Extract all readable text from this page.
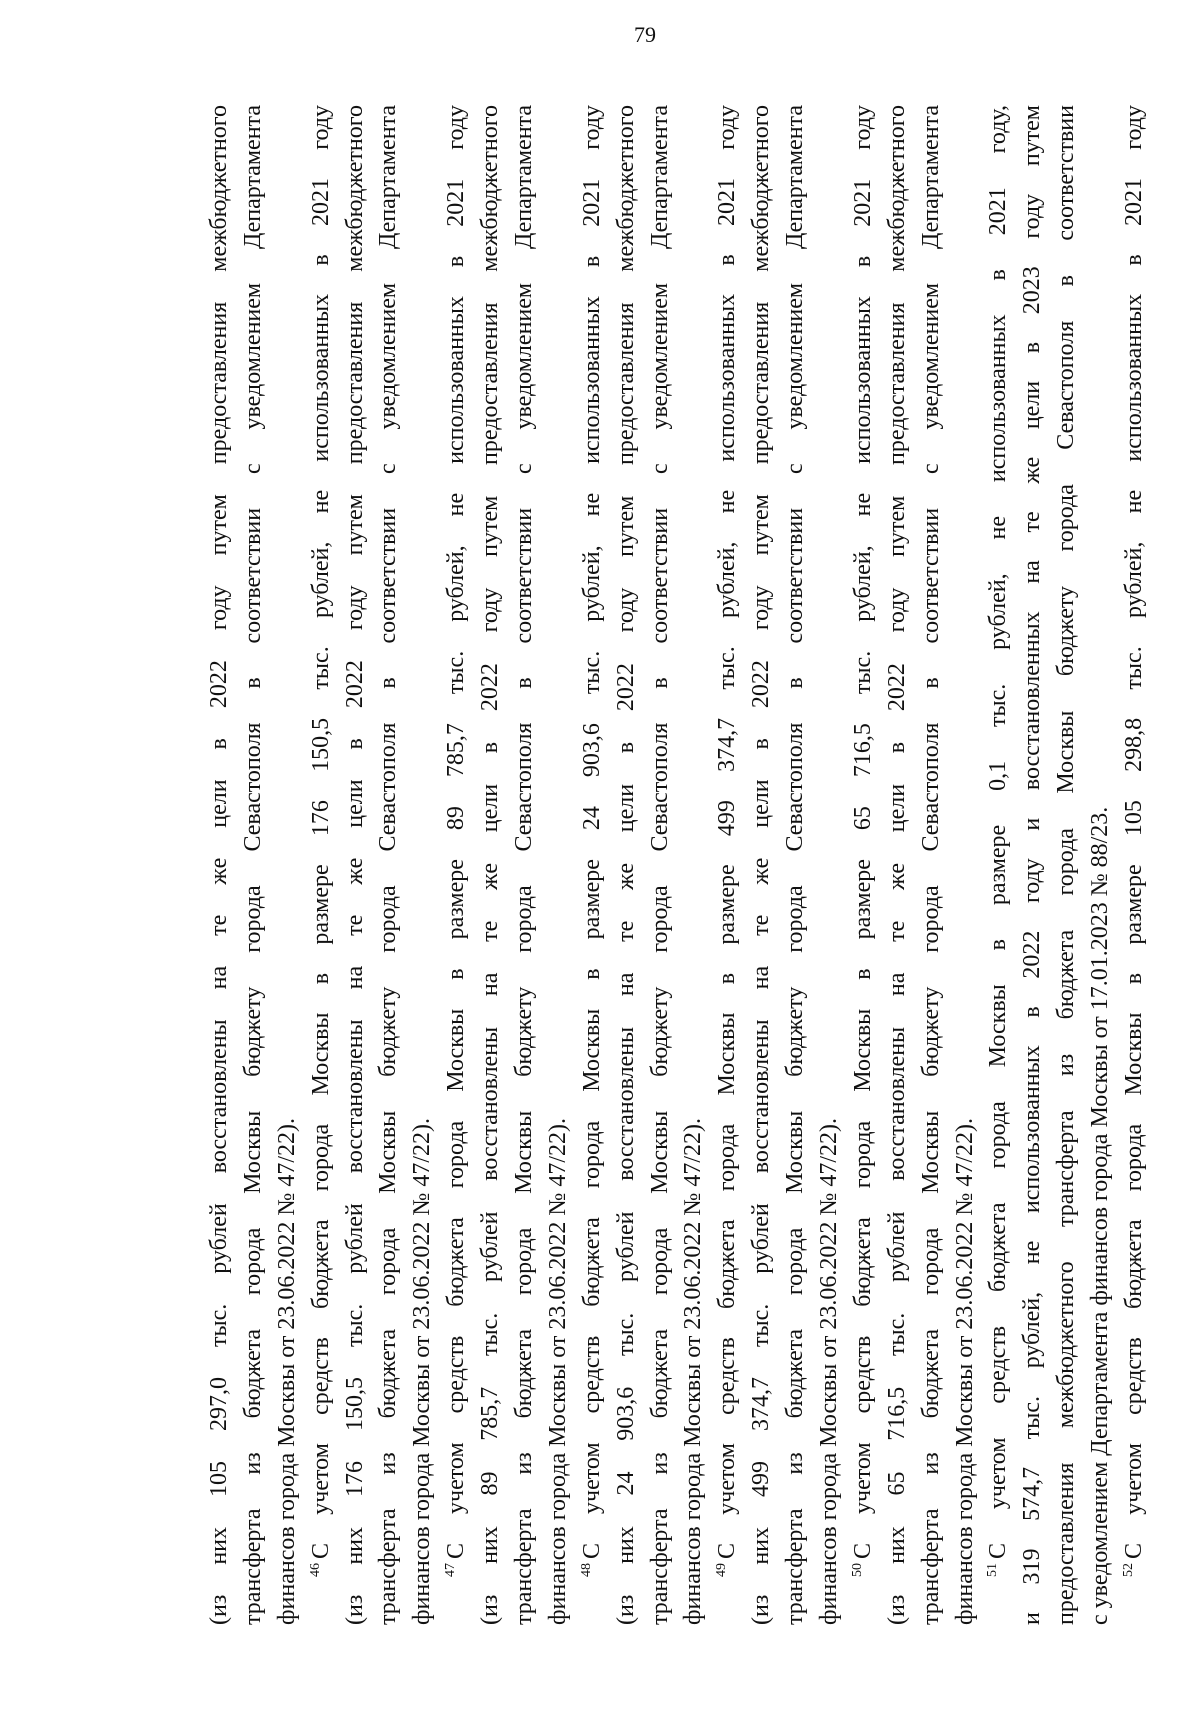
79
(из них 105 297,0 тыс. рублей восстановлены на те же цели в 2022 году путем предоставления межбюджетного трансферта из бюджета города Москвы бюджету города Севастополя в соответствии с уведомлением Департамента финансов города Москвы от 23.06.2022 № 47/22). $^{46}$С учетом средств бюджета города Москвы в размере 176 150,5 тыс. рублей, не использованных в 2021 году (из них 176 150,5 тыс. рублей восстановлены на те же цели в 2022 году путем предоставления межбюджетного трансферта из бюджета города Москвы бюджету города Севастополя в соответствии с уведомлением Департамента финансов города Москвы от 23.06.2022 № 47/22). $^{47}$С учетом средств бюджета города Москвы в размере 89 785,7 тыс. рублей, не использованных в 2021 году (из них 89 785,7 тыс. рублей восстановлены на те же цели в 2022 году путем предоставления межбюджетного трансферта из бюджета города Москвы бюджету города Севастополя в соответствии с уведомлением Департамента финансов города Москвы от 23.06.2022 № 47/22). $^{48}$С учетом средств бюджета города Москвы в размере 24 903,6 тыс. рублей, не использованных в 2021 году (из них 24 903,6 тыс. рублей восстановлены на те же цели в 2022 году путем предоставления межбюджетного трансферта из бюджета города Москвы бюджету города Севастополя в соответствии с уведомлением Департамента финансов города Москвы от 23.06.2022 № 47/22). $^{49}$С учетом средств бюджета города Москвы в размере 499 374,7 тыс. рублей, не использованных в 2021 году (из них 499 374,7 тыс. рублей восстановлены на те же цели в 2022 году путем предоставления межбюджетного трансферта из бюджета города Москвы бюджету города Севастополя в соответствии с уведомлением Департамента финансов города Москвы от 23.06.2022 № 47/22). $^{50}$С учетом средств бюджета города Москвы в размере 65 716,5 тыс. рублей, не использованных в 2021 году (из них 65 716,5 тыс. рублей восстановлены на те же цели в 2022 году путем предоставления межбюджетного трансферта из бюджета города Москвы бюджету города Севастополя в соответствии с уведомлением Департамента финансов города Москвы от 23.06.2022 № 47/22). $^{51}$С учетом средств бюджета города Москвы в размере 0,1 тыс. рублей, не использованных в 2021 году, и 319 574,7 тыс. рублей, не использованных в 2022 году и восстановленных на те же цели в 2023 году путем предоставления межбюджетного трансферта из бюджета города Москвы бюджету города Севастополя в соответствии с уведомлением Департамента финансов города Москвы от 17.01.2023 № 88/23. $^{52}$С учетом средств бюджета города Москвы в размере 105 298,8 тыс. рублей, не использованных в 2021 году
